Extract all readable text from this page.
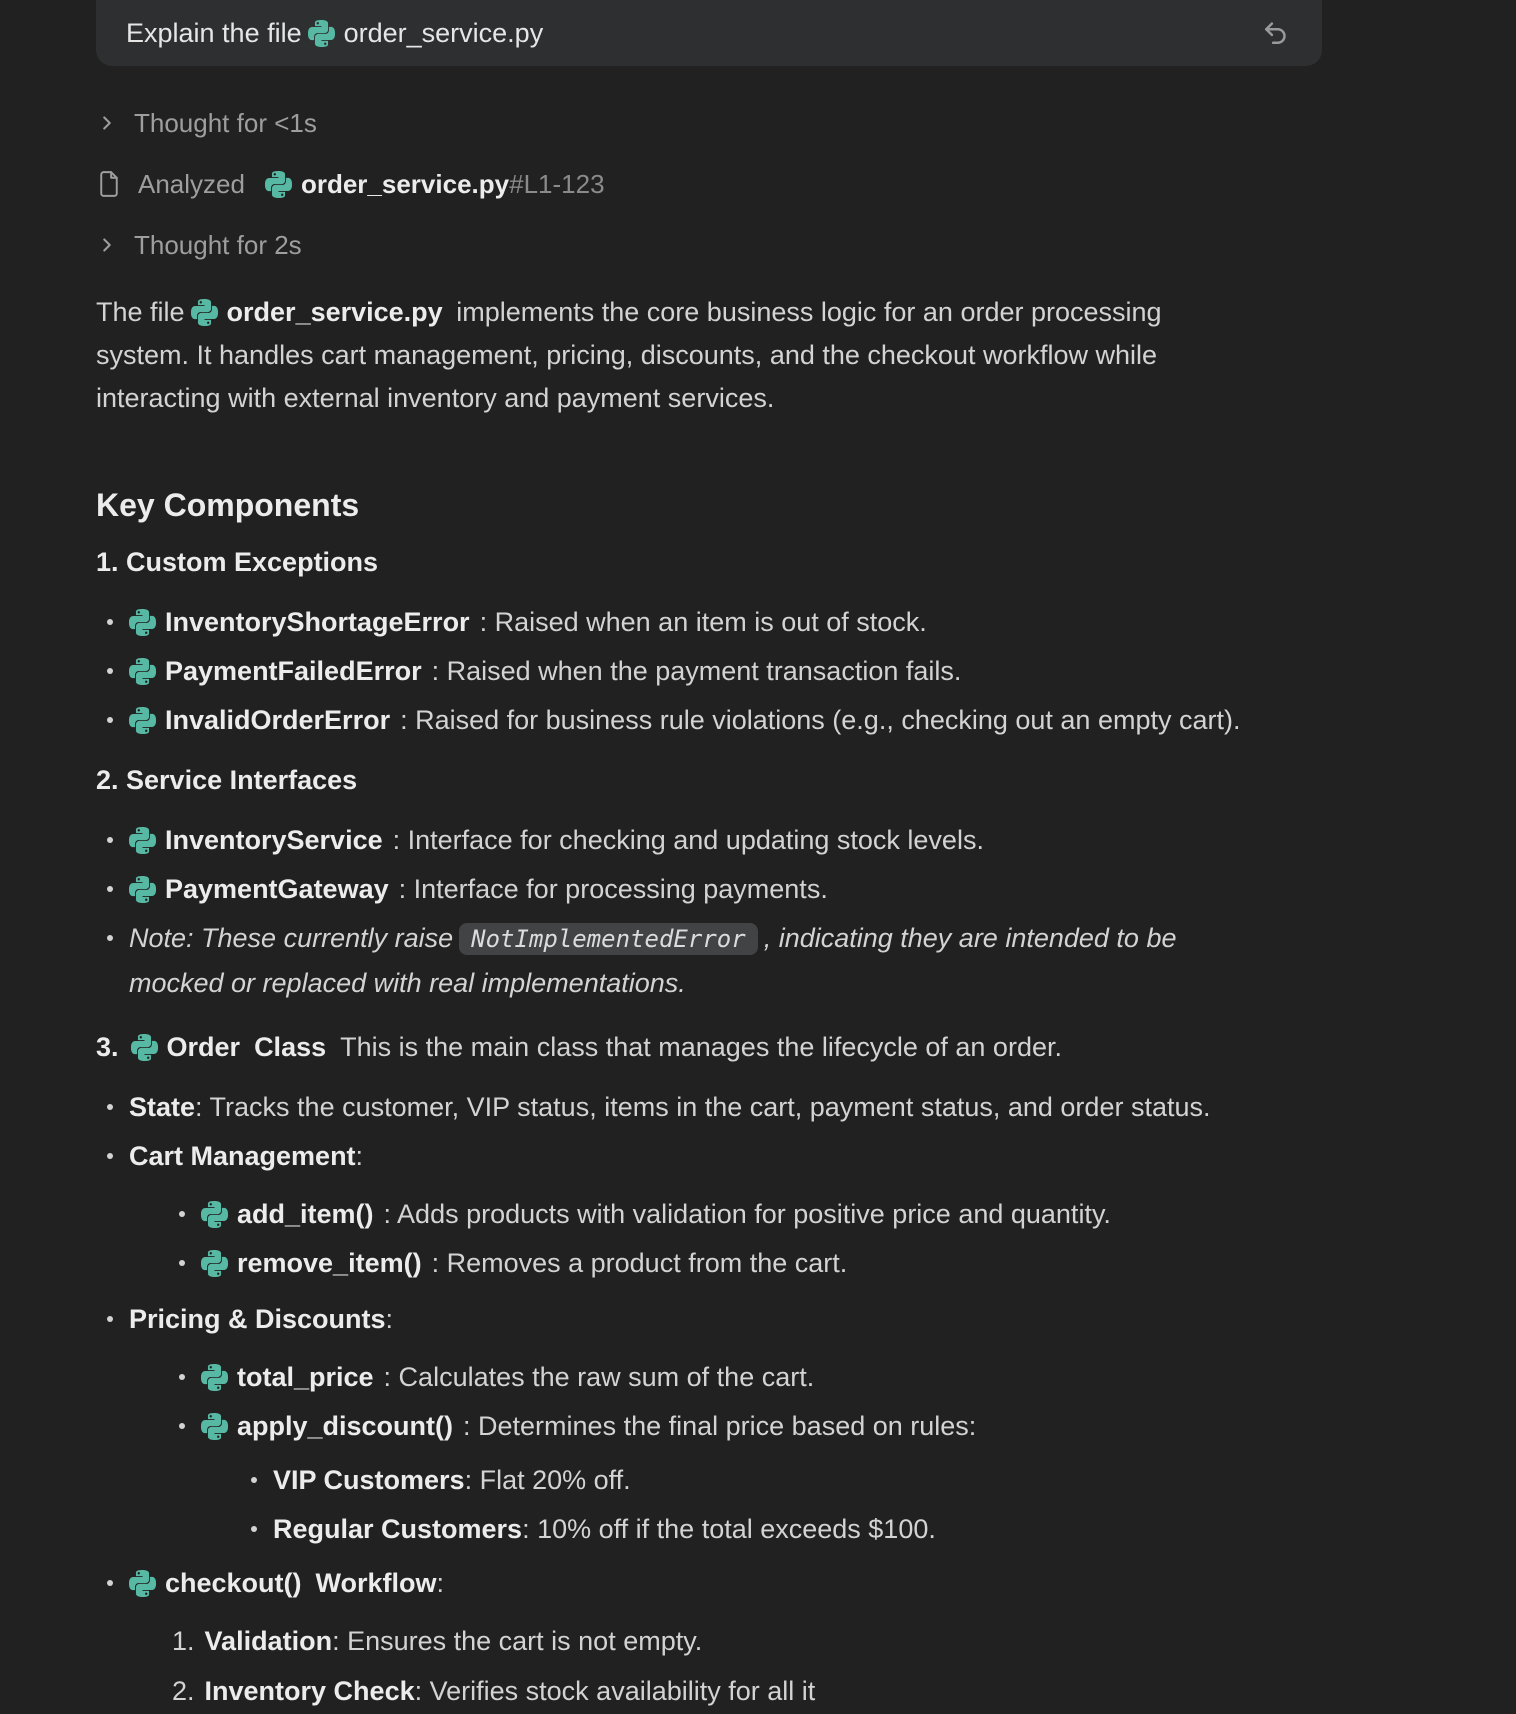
Explain the file	order_service.py
Thought for <1s
Analyzed order_service.py #L1-123
Thought for 2s

The file order_service.py implements the core business logic for an order processing system. It handles cart management, pricing, discounts, and the checkout workflow while interacting with external inventory and payment services.

Key Components
1. Custom Exceptions
InventoryShortageError : Raised when an item is out of stock.
PaymentFailedError : Raised when the payment transaction fails.
InvalidOrderError : Raised for business rule violations (e.g., checking out an empty cart).
2. Service Interfaces
InventoryService : Interface for checking and updating stock levels.
PaymentGateway : Interface for processing payments.
Note: These currently raise NotImplementedError , indicating they are intended to be mocked or replaced with real implementations.

3. Order Class This is the main class that manages the lifecycle of an order.

State: Tracks the customer, VIP status, items in the cart, payment status, and order status.
Cart Management:
add_item() : Adds products with validation for positive price and quantity.
remove_item() : Removes a product from the cart.
Pricing & Discounts:
total_price : Calculates the raw sum of the cart.
apply_discount() : Determines the final price based on rules:
VIP Customers: Flat 20% off.
Regular Customers: 10% off if the total exceeds $100.
checkout() Workflow:
1. Validation: Ensures the cart is not empty.
2. Inventory Check: Verifies stock availability for all it
